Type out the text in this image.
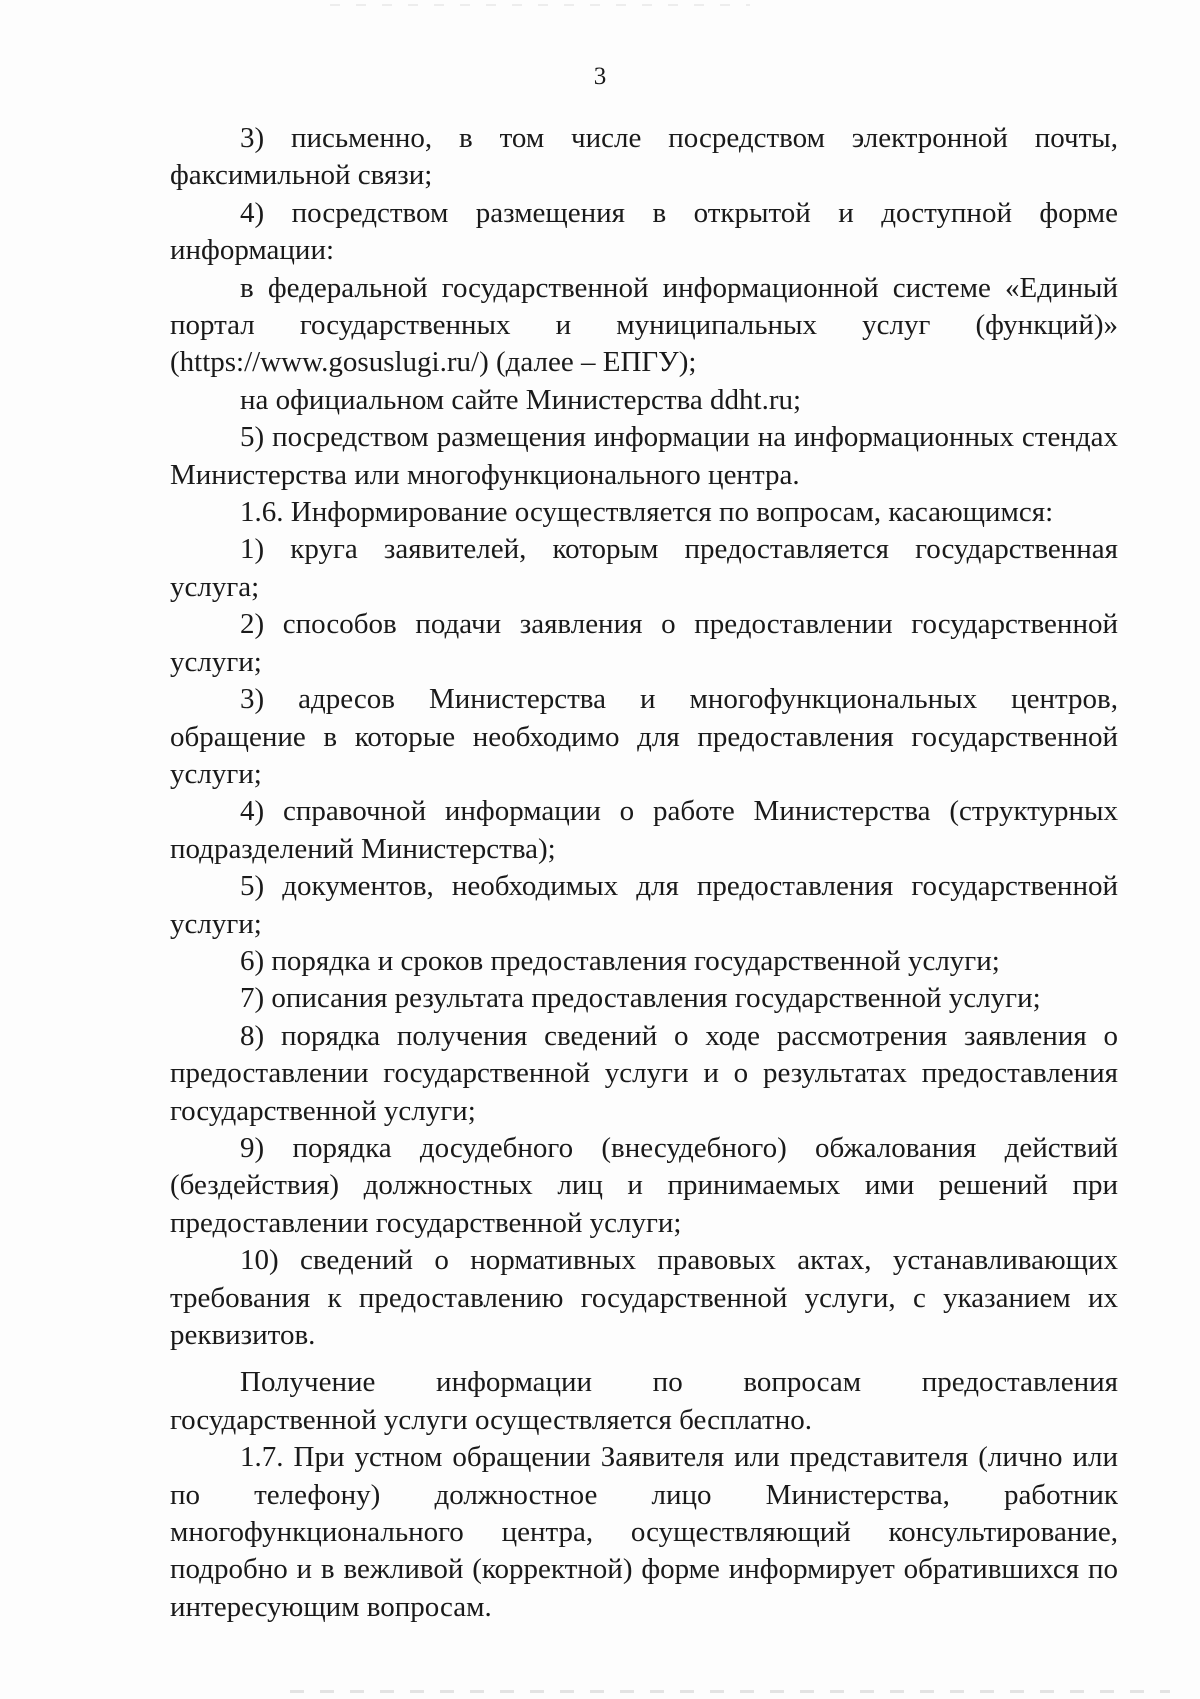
3

3) письменно, в том числе посредством электронной почты, факсимильной связи;

4) посредством размещения в открытой и доступной форме информации:

в федеральной государственной информационной системе «Единый портал государственных и муниципальных услуг (функций)» (https://www.gosuslugi.ru/) (далее – ЕПГУ);

на официальном сайте Министерства ddht.ru;

5) посредством размещения информации на информационных стендах Министерства или многофункционального центра.

1.6. Информирование осуществляется по вопросам, касающимся:

1) круга заявителей, которым предоставляется государственная услуга;

2) способов подачи заявления о предоставлении государственной услуги;

3) адресов Министерства и многофункциональных центров, обращение в которые необходимо для предоставления государственной услуги;

4) справочной информации о работе Министерства (структурных подразделений Министерства);

5) документов, необходимых для предоставления государственной услуги;

6) порядка и сроков предоставления государственной услуги;

7) описания результата предоставления государственной услуги;

8) порядка получения сведений о ходе рассмотрения заявления о предоставлении государственной услуги и о результатах предоставления государственной услуги;

9) порядка досудебного (внесудебного) обжалования действий (бездействия) должностных лиц и принимаемых ими решений при предоставлении государственной услуги;

10) сведений о нормативных правовых актах, устанавливающих требования к предоставлению государственной услуги, с указанием их реквизитов.

Получение информации по вопросам предоставления государственной услуги осуществляется бесплатно.

1.7. При устном обращении Заявителя или представителя (лично или по телефону) должностное лицо Министерства, работник многофункционального центра, осуществляющий консультирование, подробно и в вежливой (корректной) форме информирует обратившихся по интересующим вопросам.
